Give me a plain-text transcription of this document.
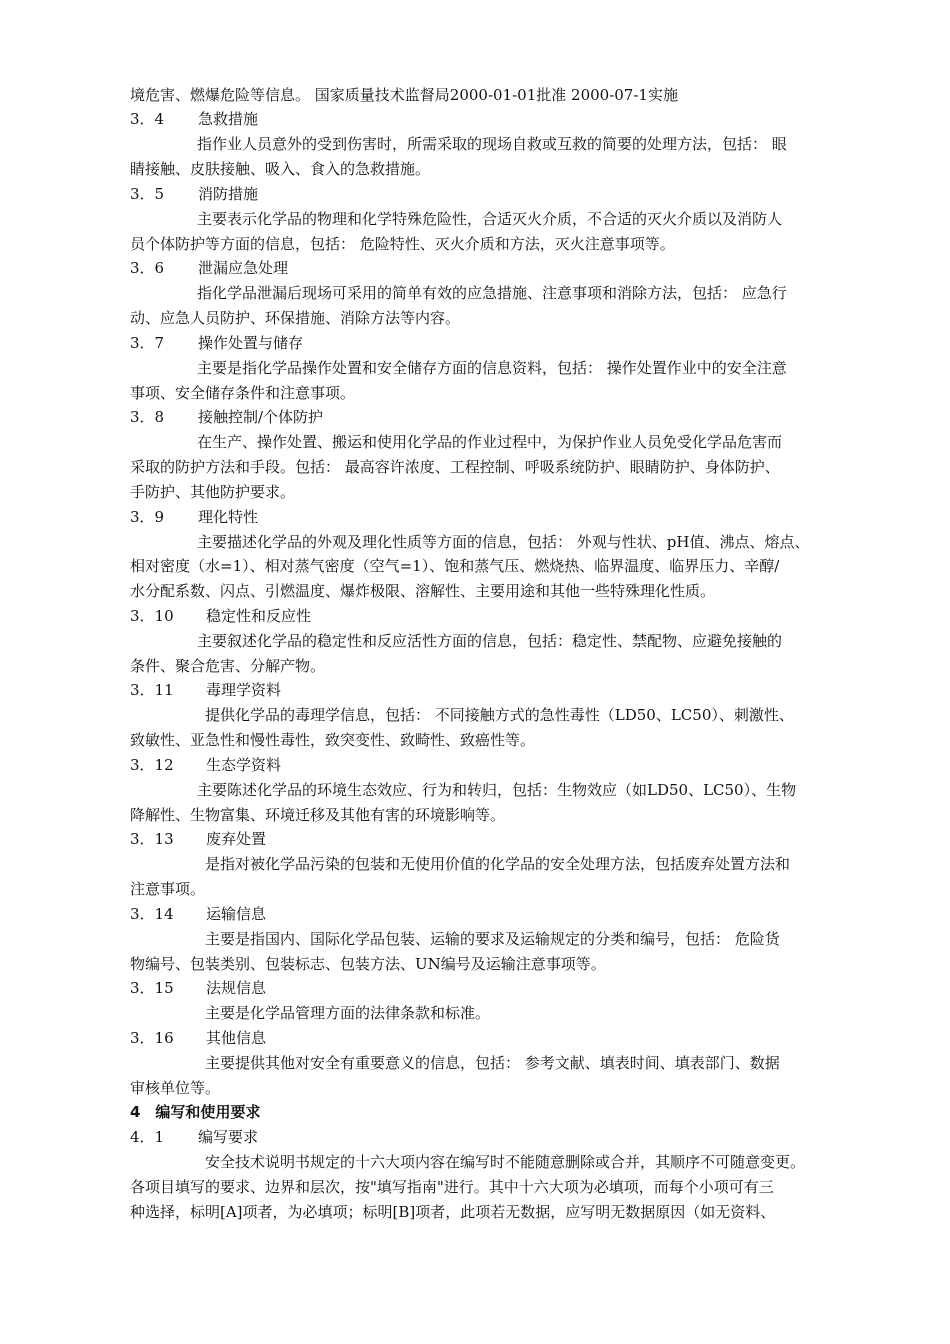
境危害、燃爆危险等信息。 国家质量技术监督局2000-01-01批准 2000-07-1实施
3．4	急救措施
指作业人员意外的受到伤害时，所需采取的现场自救或互救的简要的处理方法，包括： 眼
睛接触、皮肤接触、吸入、食入的急救措施。
3．5	消防措施
主要表示化学品的物理和化学特殊危险性，合适灭火介质，不合适的灭火介质以及消防人
员个体防护等方面的信息，包括： 危险特性、灭火介质和方法，灭火注意事项等。
3．6	泄漏应急处理
指化学品泄漏后现场可采用的简单有效的应急措施、注意事项和消除方法，包括： 应急行
动、应急人员防护、环保措施、消除方法等内容。
3．7	操作处置与储存
主要是指化学品操作处置和安全储存方面的信息资料，包括： 操作处置作业中的安全注意
事项、安全储存条件和注意事项。
3．8	接触控制/个体防护
在生产、操作处置、搬运和使用化学品的作业过程中，为保护作业人员免受化学品危害而
采取的防护方法和手段。包括： 最高容许浓度、工程控制、呼吸系统防护、眼睛防护、身体防护、
手防护、其他防护要求。
3．9	理化特性
主要描述化学品的外观及理化性质等方面的信息，包括： 外观与性状、pH值、沸点、熔点、
相对密度（水=1）、相对蒸气密度（空气=1）、饱和蒸气压、燃烧热、临界温度、临界压力、辛醇/
水分配系数、闪点、引燃温度、爆炸极限、溶解性、主要用途和其他一些特殊理化性质。
3．10	稳定性和反应性
主要叙述化学品的稳定性和反应活性方面的信息，包括：稳定性、禁配物、应避免接触的
条件、聚合危害、分解产物。
3．11	毒理学资料
提供化学品的毒理学信息，包括： 不同接触方式的急性毒性（LD50、LC50）、刺激性、
致敏性、亚急性和慢性毒性，致突变性、致畸性、致癌性等。
3．12	生态学资料
主要陈述化学品的环境生态效应、行为和转归，包括：生物效应（如LD50、LC50）、生物
降解性、生物富集、环境迁移及其他有害的环境影响等。
3．13	废弃处置
是指对被化学品污染的包装和无使用价值的化学品的安全处理方法，包括废弃处置方法和
注意事项。
3．14	运输信息
主要是指国内、国际化学品包装、运输的要求及运输规定的分类和编号，包括： 危险货
物编号、包装类别、包装标志、包装方法、UN编号及运输注意事项等。
3．15	法规信息
主要是化学品管理方面的法律条款和标准。
3．16	其他信息
主要提供其他对安全有重要意义的信息，包括： 参考文献、填表时间、填表部门、数据
审核单位等。
4　编写和使用要求
4．1	编写要求
安全技术说明书规定的十六大项内容在编写时不能随意删除或合并，其顺序不可随意变更。
各项目填写的要求、边界和层次，按"填写指南"进行。其中十六大项为必填项，而每个小项可有三
种选择，标明[A]项者，为必填项；标明[B]项者，此项若无数据，应写明无数据原因（如无资料、
